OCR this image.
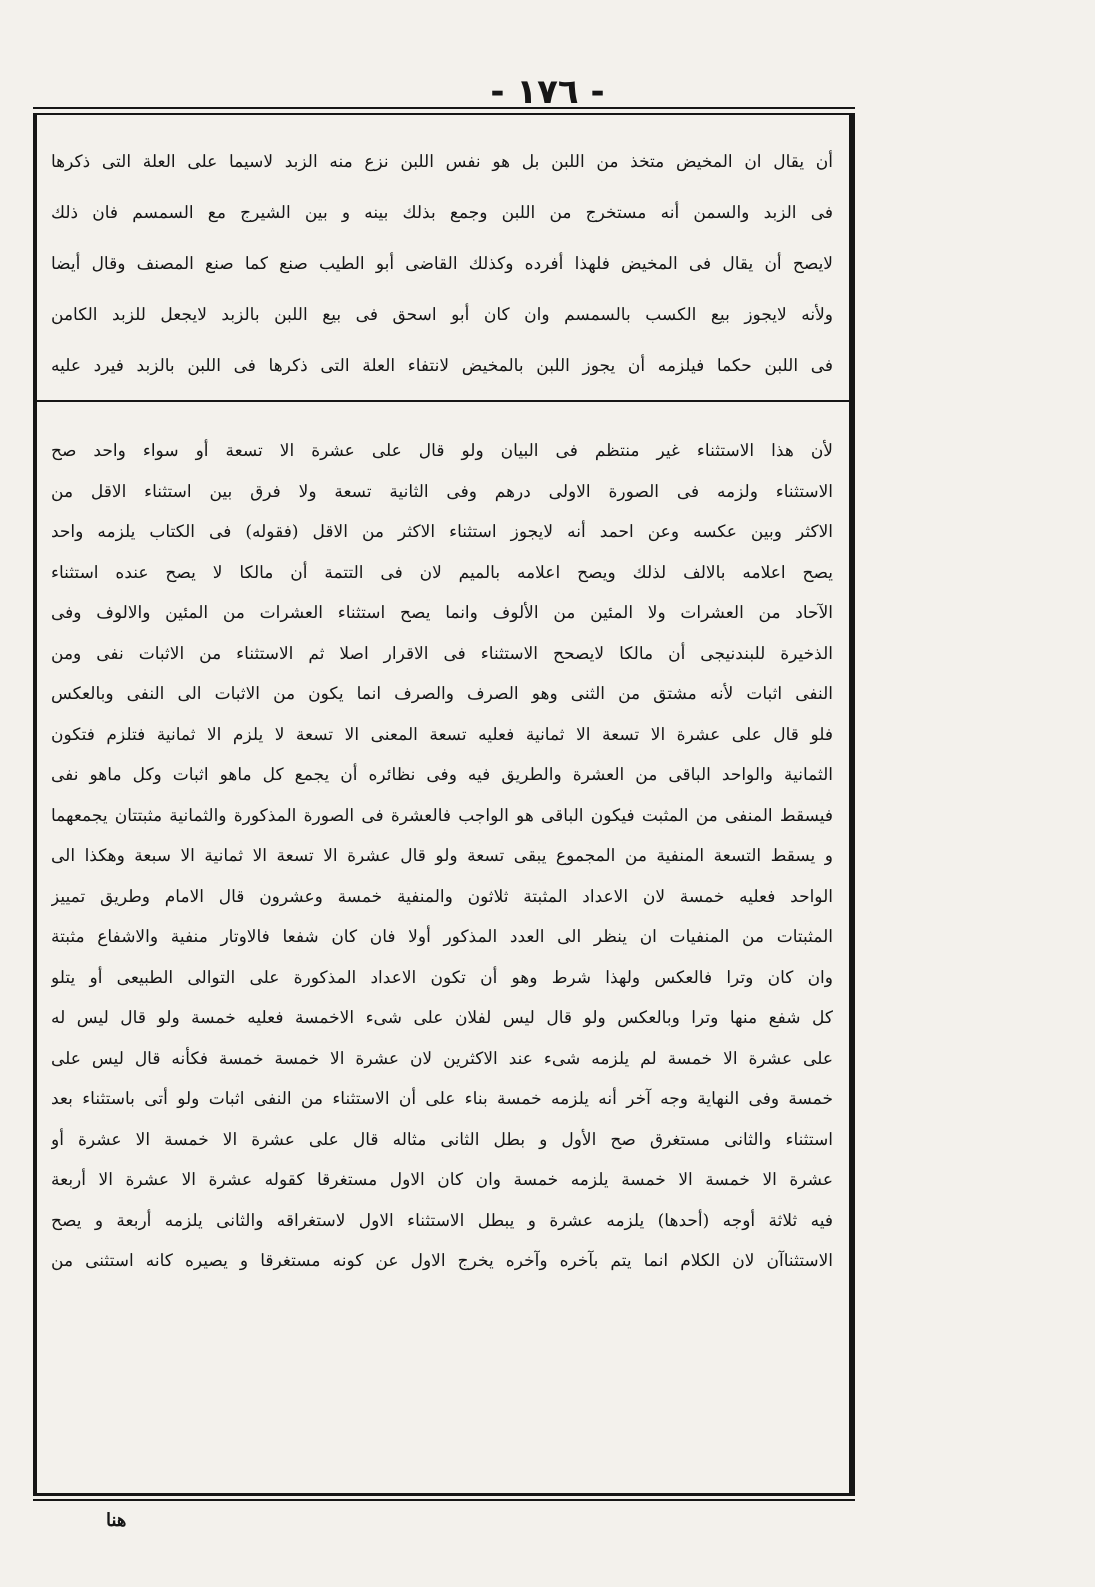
- ١٧٦ -
أن يقال ان المخيض متخذ من اللبن بل هو نفس اللبن نزع منه الزبد لاسيما على العلة التى ذكرها
فى الزبد والسمن أنه مستخرج من اللبن وجمع بذلك بينه و بين الشيرج مع السمسم فان ذلك
لايصح أن يقال فى المخيض فلهذا أفرده وكذلك القاضى أبو الطيب صنع كما صنع المصنف وقال أيضا
ولأنه لايجوز بيع الكسب بالسمسم وان كان أبو اسحق فى بيع اللبن بالزبد لايجعل للزبد الكامن
فى اللبن حكما فيلزمه أن يجوز اللبن بالمخيض لانتفاء العلة التى ذكرها فى اللبن بالزبد فيرد عليه
لأن هذا الاستثناء غير منتظم فى البيان ولو قال على عشرة الا تسعة أو سواء واحد صح
الاستثناء ولزمه فى الصورة الاولى درهم وفى الثانية تسعة ولا فرق بين استثناء الاقل من
الاكثر وبين عكسه وعن احمد أنه لايجوز استثناء الاكثر من الاقل (فقوله) فى الكتاب يلزمه واحد
يصح اعلامه بالالف لذلك ويصح اعلامه بالميم لان فى التتمة أن مالكا لا يصح عنده استثناء
الآحاد من العشرات ولا المئين من الألوف وانما يصح استثناء العشرات من المئين والالوف وفى
الذخيرة للبندنيجى أن مالكا لايصحح الاستثناء فى الاقرار اصلا ثم الاستثناء من الاثبات نفى ومن
النفى اثبات لأنه مشتق من الثنى وهو الصرف والصرف انما يكون من الاثبات الى النفى وبالعكس
فلو قال على عشرة الا تسعة الا ثمانية فعليه تسعة المعنى الا تسعة لا يلزم الا ثمانية فتلزم فتكون
الثمانية والواحد الباقى من العشرة والطريق فيه وفى نظائره أن يجمع كل ماهو اثبات وكل ماهو نفى
فيسقط المنفى من المثبت فيكون الباقى هو الواجب فالعشرة فى الصورة المذكورة والثمانية مثبتتان يجمعهما
و يسقط التسعة المنفية من المجموع يبقى تسعة ولو قال عشرة الا تسعة الا ثمانية الا سبعة وهكذا الى
الواحد فعليه خمسة لان الاعداد المثبتة ثلاثون والمنفية خمسة وعشرون قال الامام وطريق تمييز
المثبتات من المنفيات ان ينظر الى العدد المذكور أولا فان كان شفعا فالاوتار منفية والاشفاع مثبتة
وان كان وترا فالعكس ولهذا شرط وهو أن تكون الاعداد المذكورة على التوالى الطبيعى أو يتلو
كل شفع منها وترا وبالعكس ولو قال ليس لفلان على شىء الاخمسة فعليه خمسة ولو قال ليس له
على عشرة الا خمسة لم يلزمه شىء عند الاكثرين لان عشرة الا خمسة خمسة فكأنه قال ليس على
خمسة وفى النهاية وجه آخر أنه يلزمه خمسة بناء على أن الاستثناء من النفى اثبات ولو أتى باستثناء بعد
استثناء والثانى مستغرق صح الأول و بطل الثانى مثاله قال على عشرة الا خمسة الا عشرة أو
عشرة الا خمسة الا خمسة يلزمه خمسة وان كان الاول مستغرقا كقوله عشرة الا عشرة الا أربعة
فيه ثلاثة أوجه (أحدها) يلزمه عشرة و يبطل الاستثناء الاول لاستغراقه والثانى يلزمه أربعة و يصح
الاستثناآن لان الكلام انما يتم بآخره وآخره يخرج الاول عن كونه مستغرقا و يصيره كانه استثنى من
هنا
